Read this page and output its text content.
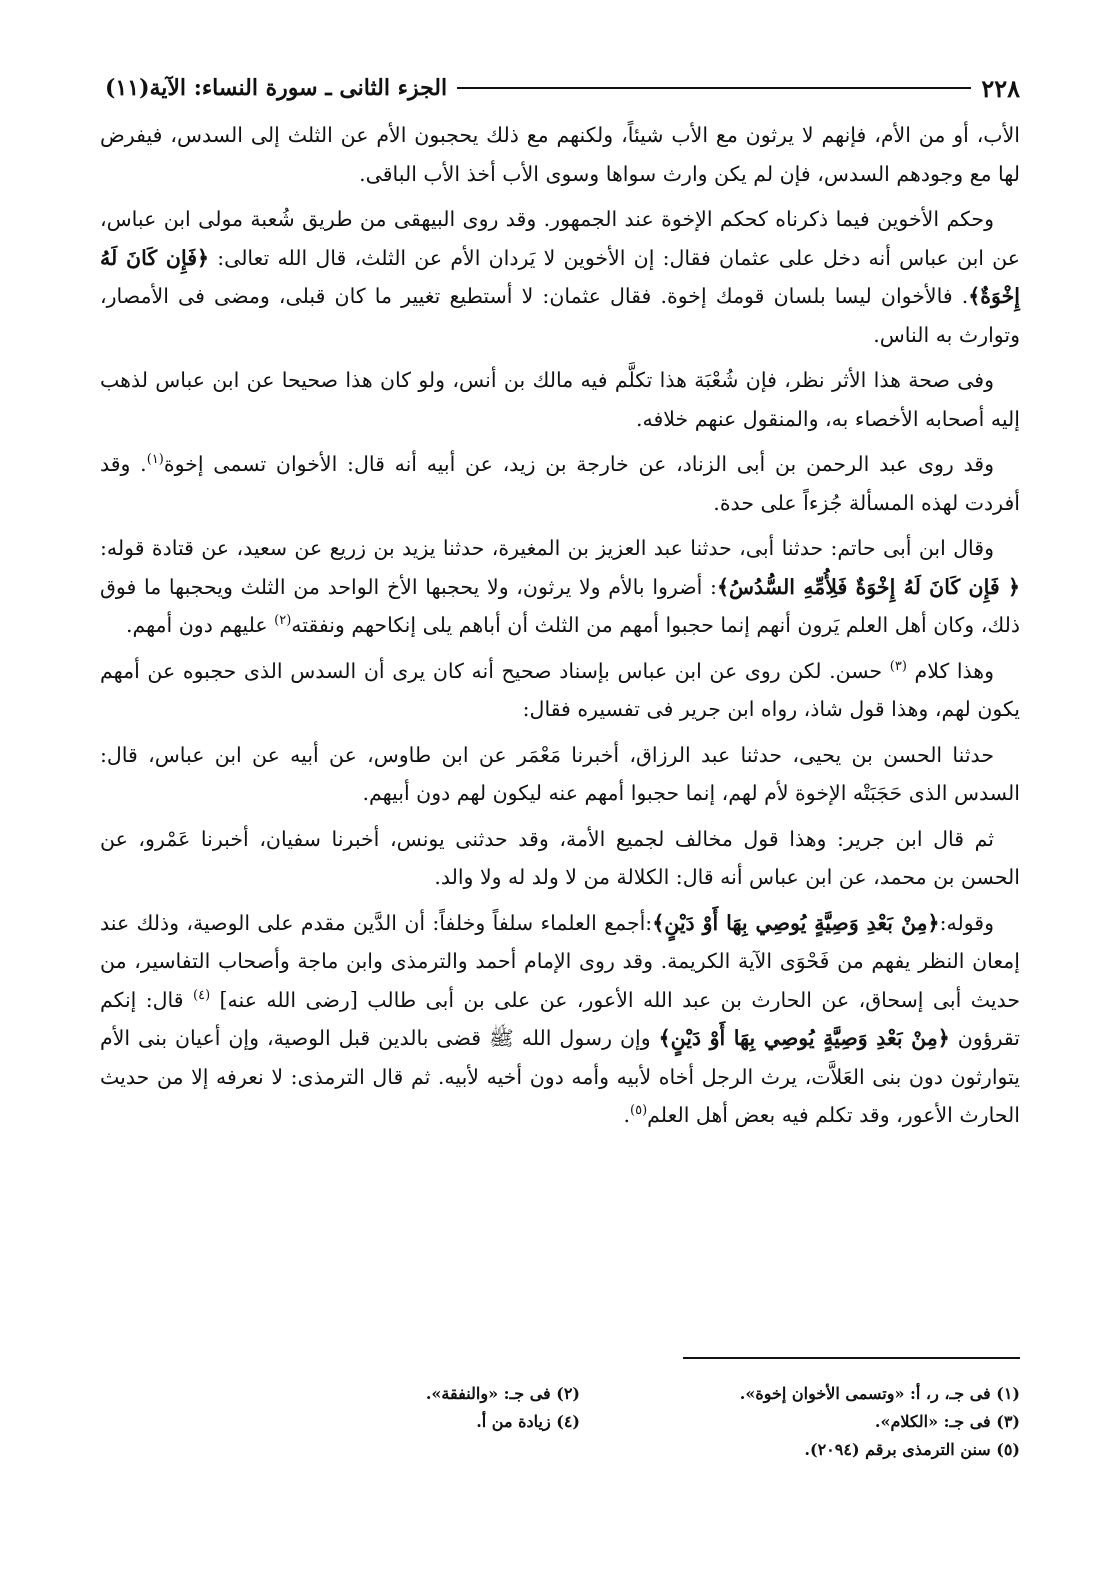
٢٢٨
الجزء الثانى ـ سورة النساء: الآية(١١)

الأب، أو من الأم، فإنهم لا يرثون مع الأب شيئاً، ولكنهم مع ذلك يحجبون الأم عن الثلث إلى السدس، فيفرض لها مع وجودهم السدس، فإن لم يكن وارث سواها وسوى الأب أخذ الأب الباقى.

وحكم الأخوين فيما ذكرناه كحكم الإخوة عند الجمهور. وقد روى البيهقى من طريق شُعبة مولى ابن عباس، عن ابن عباس أنه دخل على عثمان فقال: إن الأخوين لا يَردان الأم عن الثلث، قال الله تعالى: ﴿فَإِن كَانَ لَهُ إِخْوَةٌ﴾. فالأخوان ليسا بلسان قومك إخوة. فقال عثمان: لا أستطيع تغيير ما كان قبلى، ومضى فى الأمصار، وتوارث به الناس.

وفى صحة هذا الأثر نظر، فإن شُعْبَة هذا تكلَّم فيه مالك بن أنس، ولو كان هذا صحيحا عن ابن عباس لذهب إليه أصحابه الأخصاء به، والمنقول عنهم خلافه.

وقد روى عبد الرحمن بن أبى الزناد، عن خارجة بن زيد، عن أبيه أنه قال: الأخوان تسمى إخوة$^{(١)}$. وقد أفردت لهذه المسألة جُزءاً على حدة.

وقال ابن أبى حاتم: حدثنا أبى، حدثنا عبد العزيز بن المغيرة، حدثنا يزيد بن زريع عن سعيد، عن قتادة قوله: ﴿ فَإِن كَانَ لَهُ إِخْوَةٌ فَلِأُمِّهِ السُّدُسُ﴾: أضروا بالأم ولا يرثون، ولا يحجبها الأخ الواحد من الثلث ويحجبها ما فوق ذلك، وكان أهل العلم يَرون أنهم إنما حجبوا أمهم من الثلث أن أباهم يلى إنكاحهم ونفقته$^{(٢)}$ عليهم دون أمهم.

وهذا كلام $^{(٣)}$ حسن. لكن روى عن ابن عباس بإسناد صحيح أنه كان يرى أن السدس الذى حجبوه عن أمهم يكون لهم، وهذا قول شاذ، رواه ابن جرير فى تفسيره فقال:

حدثنا الحسن بن يحيى، حدثنا عبد الرزاق، أخبرنا مَعْمَر عن ابن طاوس، عن أبيه عن ابن عباس، قال: السدس الذى حَجَبَتْه الإخوة لأم لهم، إنما حجبوا أمهم عنه ليكون لهم دون أبيهم.

ثم قال ابن جرير: وهذا قول مخالف لجميع الأمة، وقد حدثنى يونس، أخبرنا سفيان، أخبرنا عَمْرو، عن الحسن بن محمد، عن ابن عباس أنه قال: الكلالة من لا ولد له ولا والد.

وقوله:﴿مِنْ بَعْدِ وَصِيَّةٍ يُوصِي بِهَا أَوْ دَيْنٍ﴾:أجمع العلماء سلفاً وخلفاً: أن الدَّين مقدم على الوصية، وذلك عند إمعان النظر يفهم من فَحْوَى الآية الكريمة. وقد روى الإمام أحمد والترمذى وابن ماجة وأصحاب التفاسير، من حديث أبى إسحاق، عن الحارث بن عبد الله الأعور، عن على بن أبى طالب [رضى الله عنه] $^{(٤)}$ قال: إنكم تقرؤون ﴿مِنْ بَعْدِ وَصِيَّةٍ يُوصِي بِهَا أَوْ دَيْنٍ﴾ وإن رسول الله ﷺ قضى بالدين قبل الوصية، وإن أعيان بنى الأم يتوارثون دون بنى العَلاَّت، يرث الرجل أخاه لأبيه وأمه دون أخيه لأبيه. ثم قال الترمذى: لا نعرفه إلا من حديث الحارث الأعور، وقد تكلم فيه بعض أهل العلم$^{(٥)}$.

(١) فى جـ، ر، أ: «وتسمى الأخوان إخوة».
(٢) فى جـ: «والنفقة».
(٣) فى جـ: «الكلام».
(٤) زيادة من أ.
(٥) سنن الترمذى برقم (٢٠٩٤).
